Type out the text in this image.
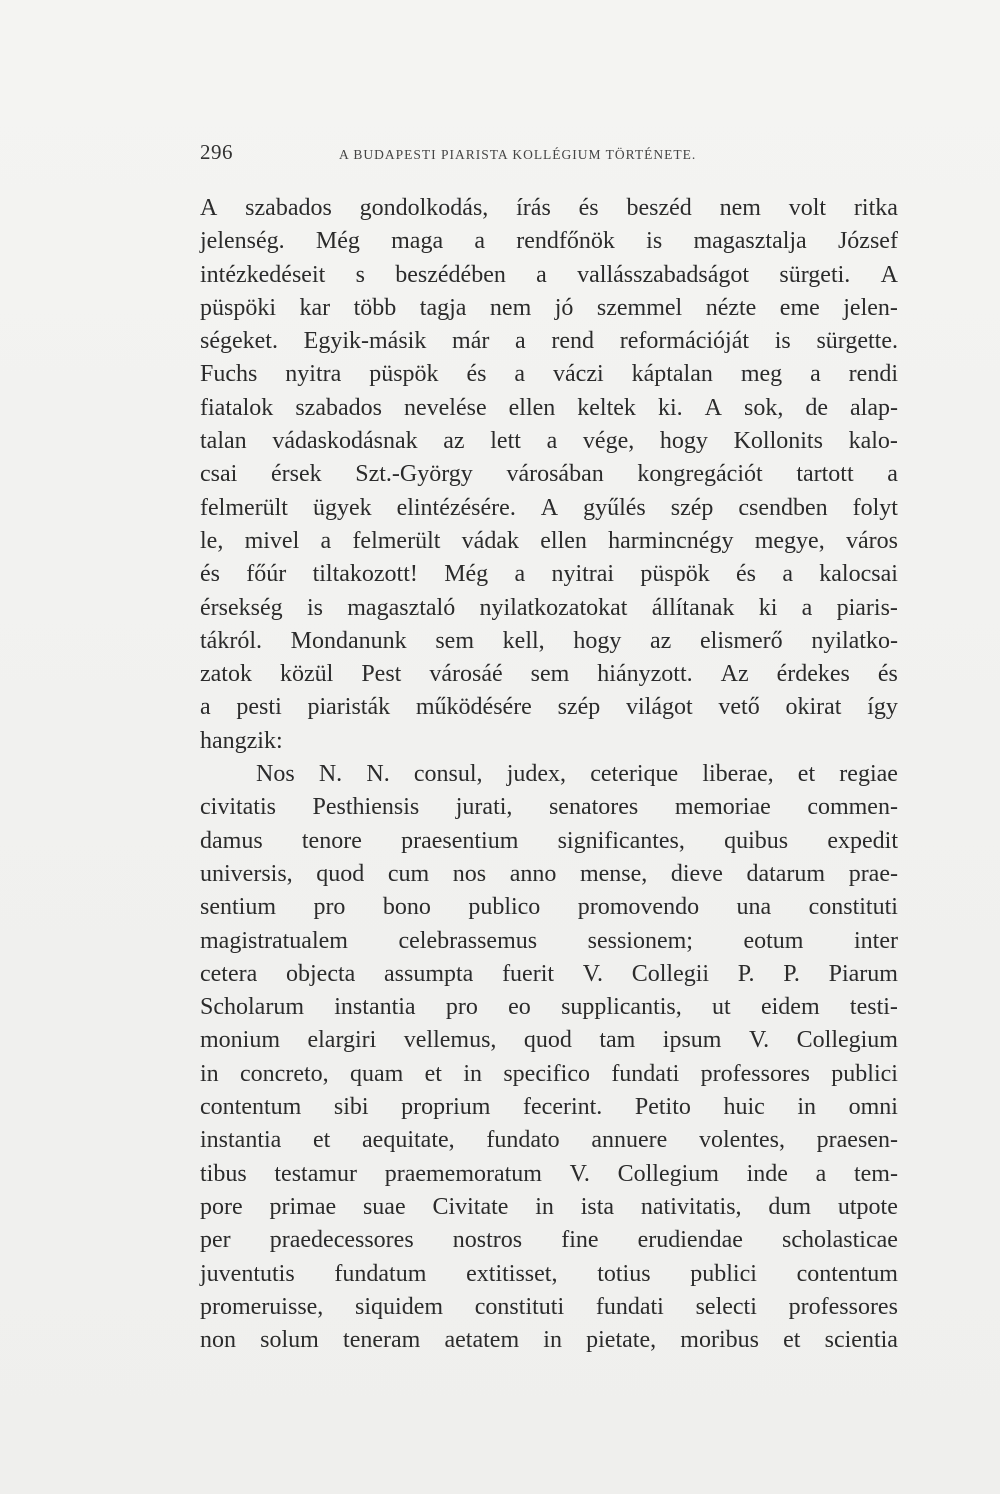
296	A BUDAPESTI PIARISTA KOLLÉGIUM TÖRTÉNETE.
A szabados gondolkodás, írás és beszéd nem volt ritka
jelenség. Még maga a rendfőnök is magasztalja József
intézkedéseit s beszédében a vallásszabadságot sürgeti. A
püspöki kar több tagja nem jó szemmel nézte eme jelen-
ségeket. Egyik-másik már a rend reformációját is sürgette.
Fuchs nyitra püspök és a váczi káptalan meg a rendi
fiatalok szabados nevelése ellen keltek ki. A sok, de alap-
talan vádaskodásnak az lett a vége, hogy Kollonits kalo-
csai érsek Szt.-György városában kongregációt tartott a
felmerült ügyek elintézésére. A gyűlés szép csendben folyt
le, mivel a felmerült vádak ellen harmincnégy megye, város
és főúr tiltakozott! Még a nyitrai püspök és a kalocsai
érsekség is magasztaló nyilatkozatokat állítanak ki a piaris-
tákról. Mondanunk sem kell, hogy az elismerő nyilatko-
zatok közül Pest városáé sem hiányzott. Az érdekes és
a pesti piaristák működésére szép világot vető okirat így
hangzik:
Nos N. N. consul, judex, ceterique liberae, et regiae
civitatis Pesthiensis jurati, senatores memoriae commen-
damus tenore praesentium significantes, quibus expedit
universis, quod cum nos anno mense, dieve datarum prae-
sentium pro bono publico promovendo una constituti
magistratualem celebrassemus sessionem; eotum inter
cetera objecta assumpta fuerit V. Collegii P. P. Piarum
Scholarum instantia pro eo supplicantis, ut eidem testi-
monium elargiri vellemus, quod tam ipsum V. Collegium
in concreto, quam et in specifico fundati professores publici
contentum sibi proprium fecerint. Petito huic in omni
instantia et aequitate, fundato annuere volentes, praesen-
tibus testamur praememoratum V. Collegium inde a tem-
pore primae suae Civitate in ista nativitatis, dum utpote
per praedecessores nostros fine erudiendae scholasticae
juventutis fundatum extitisset, totius publici contentum
promeruisse, siquidem constituti fundati selecti professores
non solum teneram aetatem in pietate, moribus et scientia
